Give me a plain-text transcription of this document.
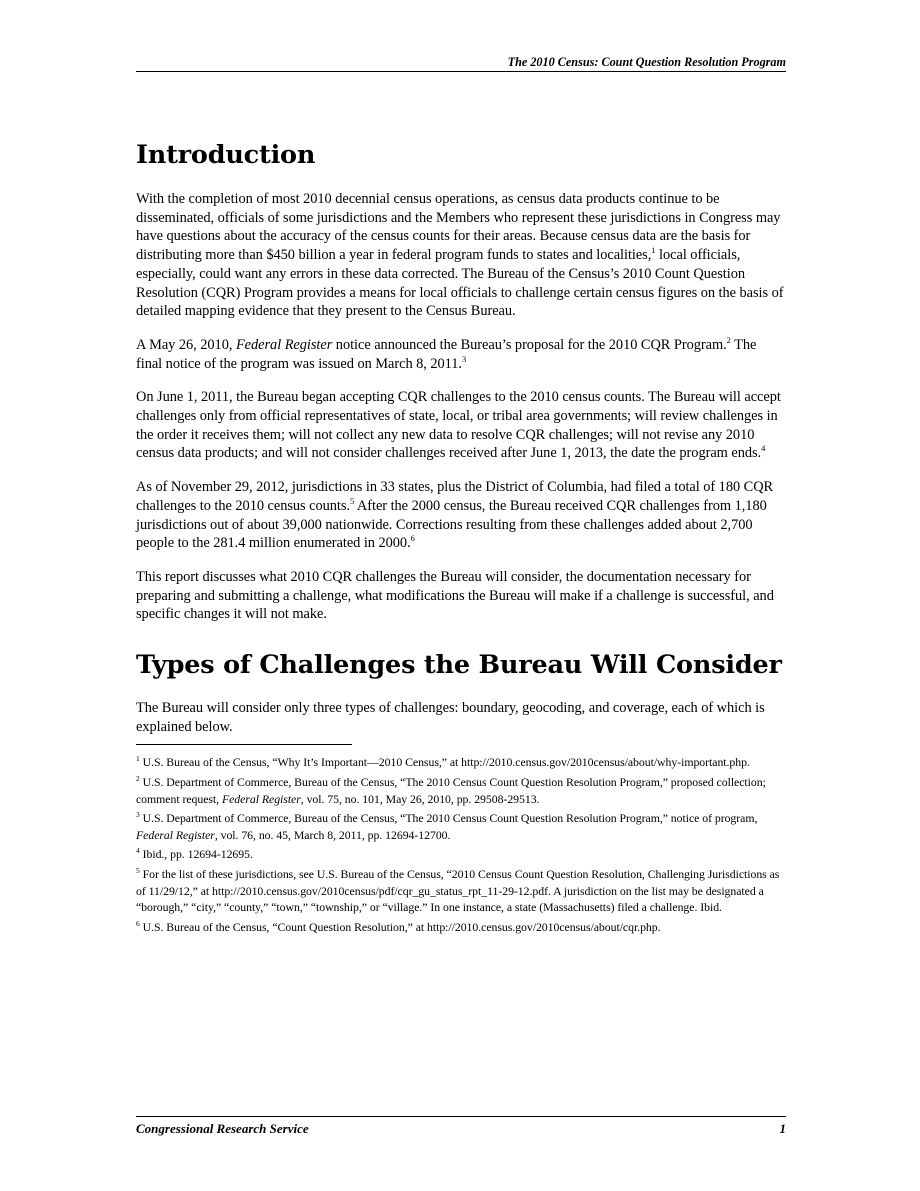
The 2010 Census: Count Question Resolution Program
Introduction

With the completion of most 2010 decennial census operations, as census data products continue to be disseminated, officials of some jurisdictions and the Members who represent these jurisdictions in Congress may have questions about the accuracy of the census counts for their areas. Because census data are the basis for distributing more than $450 billion a year in federal program funds to states and localities,$^1$ local officials, especially, could want any errors in these data corrected. The Bureau of the Census’s 2010 Count Question Resolution (CQR) Program provides a means for local officials to challenge certain census figures on the basis of detailed mapping evidence that they present to the Census Bureau.

A May 26, 2010, Federal Register notice announced the Bureau’s proposal for the 2010 CQR Program.$^2$ The final notice of the program was issued on March 8, 2011.$^3$

On June 1, 2011, the Bureau began accepting CQR challenges to the 2010 census counts. The Bureau will accept challenges only from official representatives of state, local, or tribal area governments; will review challenges in the order it receives them; will not collect any new data to resolve CQR challenges; will not revise any 2010 census data products; and will not consider challenges received after June 1, 2013, the date the program ends.$^4$

As of November 29, 2012, jurisdictions in 33 states, plus the District of Columbia, had filed a total of 180 CQR challenges to the 2010 census counts.$^5$ After the 2000 census, the Bureau received CQR challenges from 1,180 jurisdictions out of about 39,000 nationwide. Corrections resulting from these challenges added about 2,700 people to the 281.4 million enumerated in 2000.$^6$

This report discusses what 2010 CQR challenges the Bureau will consider, the documentation necessary for preparing and submitting a challenge, what modifications the Bureau will make if a challenge is successful, and specific changes it will not make.

Types of Challenges the Bureau Will Consider

The Bureau will consider only three types of challenges: boundary, geocoding, and coverage, each of which is explained below.

$^1$ U.S. Bureau of the Census, “Why It’s Important—2010 Census,” at http://2010.census.gov/2010census/about/why-important.php.

$^2$ U.S. Department of Commerce, Bureau of the Census, “The 2010 Census Count Question Resolution Program,” proposed collection; comment request, Federal Register, vol. 75, no. 101, May 26, 2010, pp. 29508-29513.

$^3$ U.S. Department of Commerce, Bureau of the Census, “The 2010 Census Count Question Resolution Program,” notice of program, Federal Register, vol. 76, no. 45, March 8, 2011, pp. 12694-12700.

$^4$ Ibid., pp. 12694-12695.

$^5$ For the list of these jurisdictions, see U.S. Bureau of the Census, “2010 Census Count Question Resolution, Challenging Jurisdictions as of 11/29/12,” at http://2010.census.gov/2010census/pdf/cqr_gu_status_rpt_11-29-12.pdf. A jurisdiction on the list may be designated a “borough,” “city,” “county,” “town,” “township,” or “village.” In one instance, a state (Massachusetts) filed a challenge. Ibid.

$^6$ U.S. Bureau of the Census, “Count Question Resolution,” at http://2010.census.gov/2010census/about/cqr.php.

Congressional Research Service	1
